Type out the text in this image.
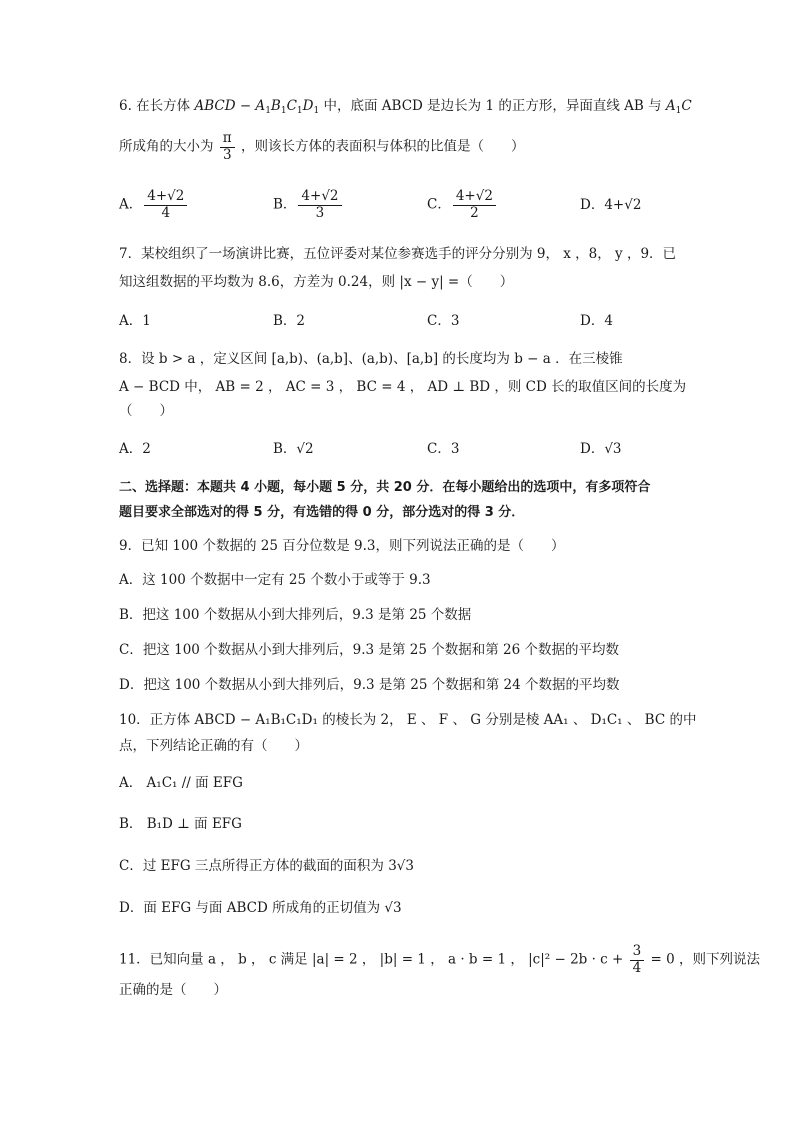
6. 在长方体 ABCD − $A_1B_1C_1D_1$ 中，底面 ABCD 是边长为 1 的正方形，异面直线 AB 与 $A_1C$
所成角的大小为 $\frac{\pi}{3}$ ，则该长方体的表面积与体积的比值是（　　）
A． $\frac{4+√2}{4}$	B． $\frac{4+√2}{3}$	C． $\frac{4+√2}{2}$	D．4+√2
7．某校组织了一场演讲比赛，五位评委对某位参赛选手的评分分别为 9， x ，8， y ，9．已
知这组数据的平均数为 8.6，方差为 0.24，则 |x − y| =（　　）
A．1	B．2	C．3	D．4
8．设 b > a ，定义区间 [a,b)、(a,b]、(a,b)、[a,b] 的长度均为 b − a ．在三棱锥
A − BCD 中， AB = 2 ， AC = 3 ， BC = 4 ， AD ⊥ BD ，则 CD 长的取值区间的长度为
（　　）
A．2	B．√2	C．3	D．√3
二、选择题：本题共 4 小题，每小题 5 分，共 20 分．在每小题给出的选项中，有多项符合
题目要求全部选对的得 5 分，有选错的得 0 分，部分选对的得 3 分．
9．已知 100 个数据的 25 百分位数是 9.3，则下列说法正确的是（　　）
A．这 100 个数据中一定有 25 个数小于或等于 9.3
B．把这 100 个数据从小到大排列后，9.3 是第 25 个数据
C．把这 100 个数据从小到大排列后，9.3 是第 25 个数据和第 26 个数据的平均数
D．把这 100 个数据从小到大排列后，9.3 是第 25 个数据和第 24 个数据的平均数
10．正方体 ABCD − A₁B₁C₁D₁ 的棱长为 2， E 、 F 、 G 分别是棱 AA₁ 、 D₁C₁ 、 BC 的中
点，下列结论正确的有（　　）
A． A₁C₁ // 面 EFG
B． B₁D ⊥ 面 EFG
C．过 EFG 三点所得正方体的截面的面积为 3√3
D．面 EFG 与面 ABCD 所成角的正切值为 √3
11．已知向量 a ， b ， c 满足 |a| = 2 ， |b| = 1 ， a · b = 1 ， $|c|^2 - 2b \cdot c + \frac{3}{4} = 0$ ，则下列说法
正确的是（　　）
